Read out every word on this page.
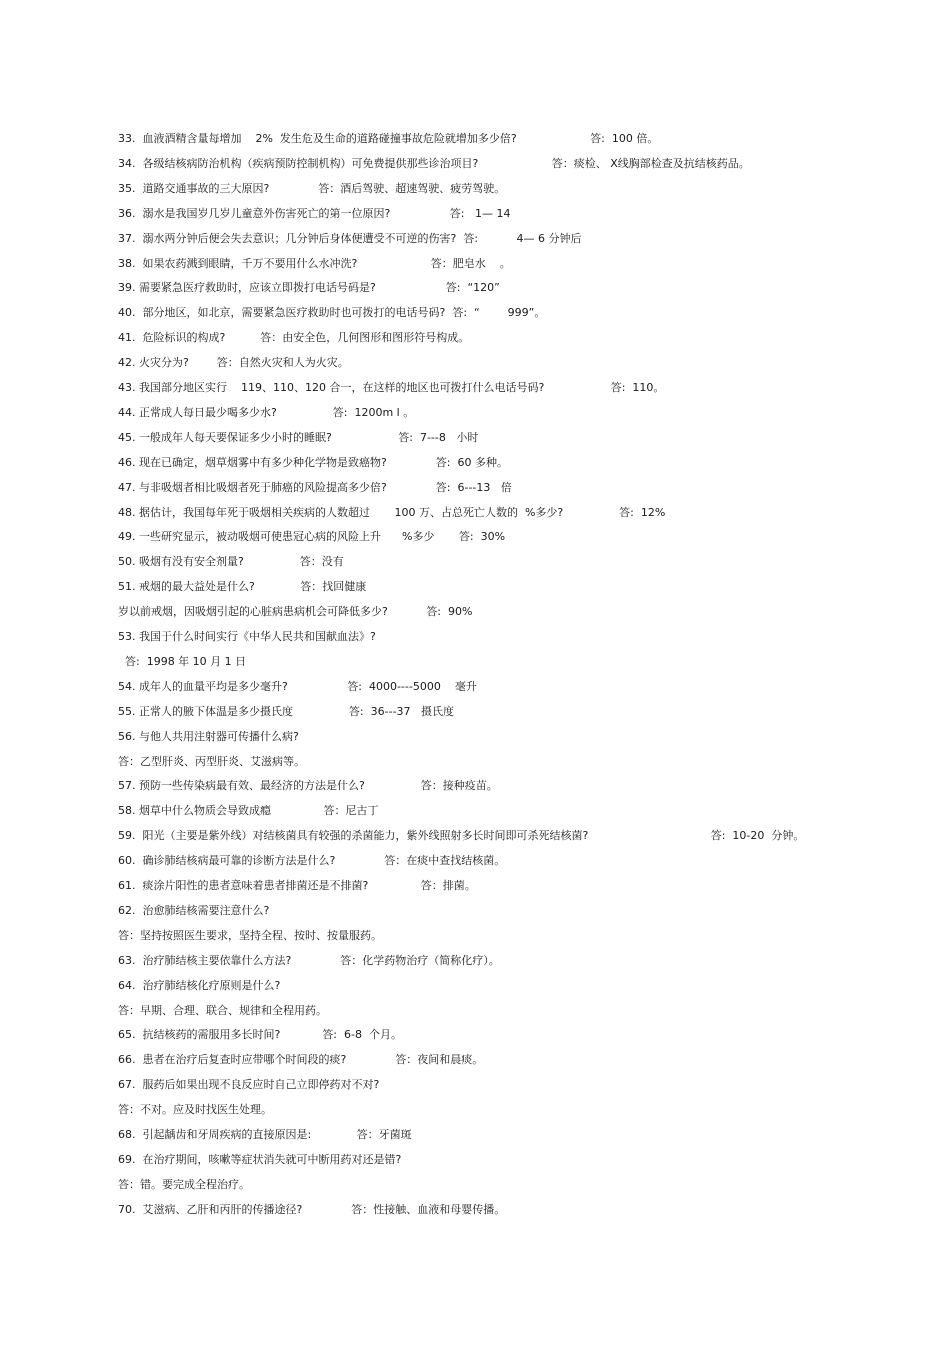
33.  血液酒精含量每增加    2%  发生危及生命的道路碰撞事故危险就增加多少倍?                     答:  100 倍。
34.  各级结核病防治机构（疾病预防控制机构）可免费提供那些诊治项目?                     答：痰检、 X线胸部检查及抗结核药品。
35.  道路交通事故的三大原因?              答：酒后驾驶、超速驾驶、疲劳驾驶。
36.  溺水是我国岁几岁儿童意外伤害死亡的第一位原因?                 答:   1— 14
37.  溺水两分钟后便会失去意识；几分钟后身体便遭受不可逆的伤害?  答:           4— 6 分钟后
38.  如果农药溅到眼睛，千万不要用什么水冲洗?                     答：肥皂水    。
39. 需要紧急医疗救助时，应该立即拨打电话号码是?                    答:  “120”
40.  部分地区，如北京，需要紧急医疗救助时也可拨打的电话号码?  答:  “        999”。
41.  危险标识的构成?          答：由安全色，几何图形和图形符号构成。
42. 火灾分为?        答：自然火灾和人为火灾。
43. 我国部分地区实行    119、110、120 合一，在这样的地区也可拨打什么电话号码?                   答:  110。
44. 正常成人每日最少喝多少水?                答:  1200m l 。
45. 一般成年人每天要保证多少小时的睡眠?                   答:  7---8   小时
46. 现在已确定，烟草烟雾中有多少种化学物是致癌物?              答:  60 多种。
47. 与非吸烟者相比吸烟者死于肺癌的风险提高多少倍?              答:  6---13   倍
48. 据估计，我国每年死于吸烟相关疾病的人数超过       100 万、占总死亡人数的  %多少?                答:  12%
49. 一些研究显示，被动吸烟可使患冠心病的风险上升      %多少       答:  30%
50. 吸烟有没有安全剂量?                答：没有
51. 戒烟的最大益处是什么?             答：找回健康
岁以前戒烟，因吸烟引起的心脏病患病机会可降低多少?           答:  90%
53. 我国于什么时间实行《中华人民共和国献血法》?
答:  1998 年 10 月 1 日
54. 成年人的血量平均是多少毫升?                 答:  4000----5000    毫升
55. 正常人的腋下体温是多少摄氏度                答:  36---37   摄氏度
56. 与他人共用注射器可传播什么病?
答：乙型肝炎、丙型肝炎、艾滋病等。
57. 预防一些传染病最有效、最经济的方法是什么?                答：接种疫苗。
58. 烟草中什么物质会导致成瘾               答：尼古丁
59.  阳光（主要是紫外线）对结核菌具有较强的杀菌能力，紫外线照射多长时间即可杀死结核菌?                                   答:  10-20  分钟。
60.  确诊肺结核病最可靠的诊断方法是什么?              答：在痰中查找结核菌。
61.  痰涂片阳性的患者意味着患者排菌还是不排菌?               答：排菌。
62.  治愈肺结核需要注意什么?
答：坚持按照医生要求，坚持全程、按时、按量服药。
63.  治疗肺结核主要依靠什么方法?              答：化学药物治疗（简称化疗）。
64.  治疗肺结核化疗原则是什么?
答：早期、合理、联合、规律和全程用药。
65.  抗结核药的需服用多长时间?            答:  6-8  个月。
66.  患者在治疗后复查时应带哪个时间段的痰?              答：夜间和晨痰。
67.  服药后如果出现不良反应时自己立即停药对不对?
答：不对。应及时找医生处理。
68.  引起龋齿和牙周疾病的直接原因是:             答：牙菌斑
69.  在治疗期间，咳嗽等症状消失就可中断用药对还是错?
答：错。要完成全程治疗。
70.  艾滋病、乙肝和丙肝的传播途径?              答：性接触、血液和母婴传播。
